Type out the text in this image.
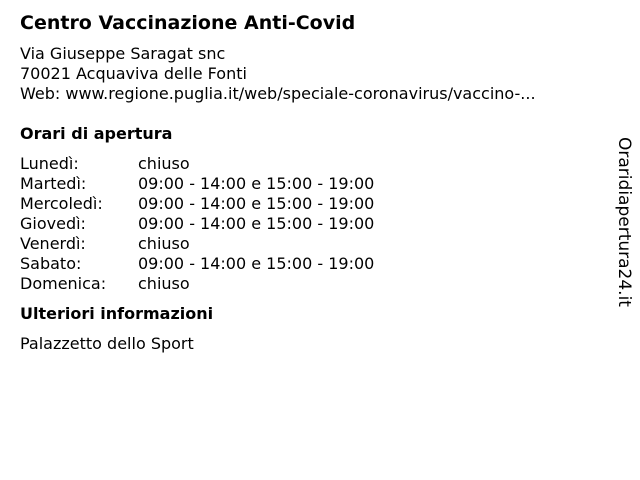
Centro Vaccinazione Anti-Covid
Via Giuseppe Saragat snc
70021 Acquaviva delle Fonti
Web: www.regione.puglia.it/web/speciale-coronavirus/vaccino-...
Orari di apertura
Lunedì:	chiuso
Martedì:	09:00 - 14:00 e 15:00 - 19:00
Mercoledì:	09:00 - 14:00 e 15:00 - 19:00
Giovedì:	09:00 - 14:00 e 15:00 - 19:00
Venerdì:	chiuso
Sabato:	09:00 - 14:00 e 15:00 - 19:00
Domenica:	chiuso
Ulteriori informazioni
Palazzetto dello Sport
Oraridiapertura24.it
